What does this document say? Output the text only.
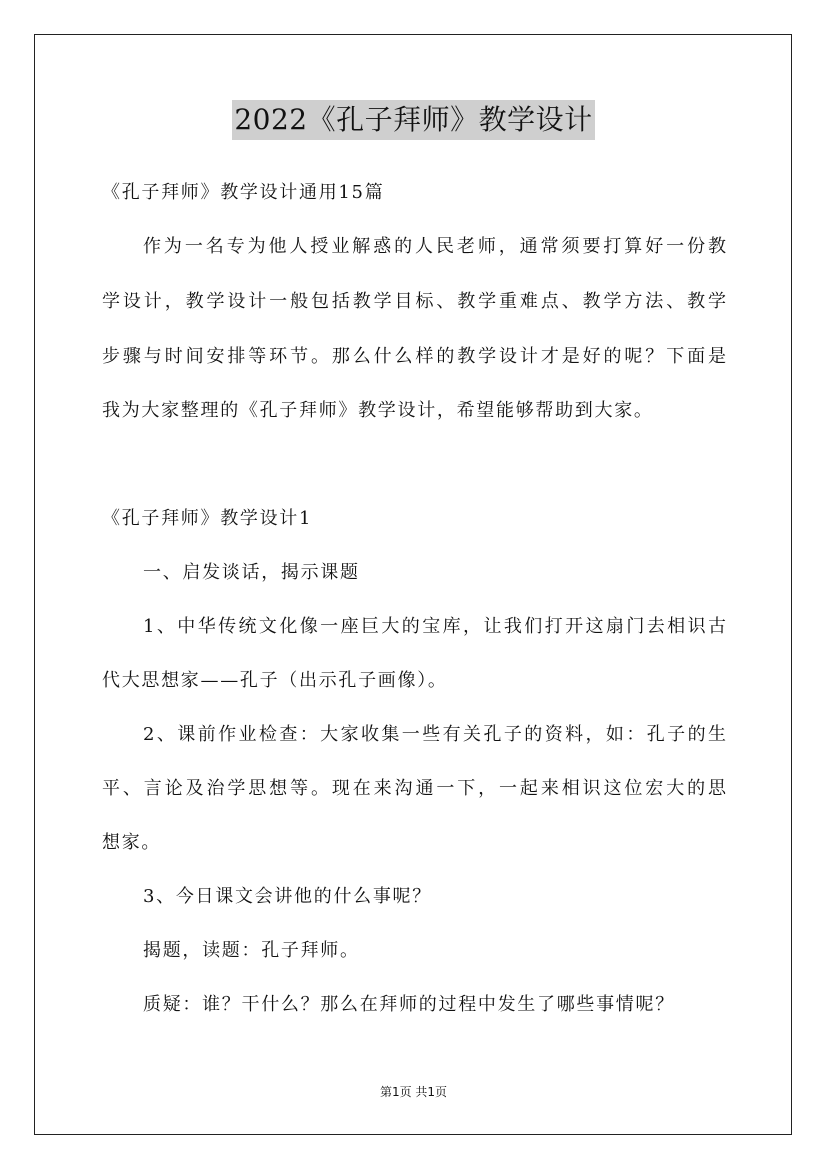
2022《孔子拜师》教学设计
《孔子拜师》教学设计通用15篇
作为一名专为他人授业解惑的人民老师，通常须要打算好一份教
学设计，教学设计一般包括教学目标、教学重难点、教学方法、教学
步骤与时间安排等环节。那么什么样的教学设计才是好的呢？下面是
我为大家整理的《孔子拜师》教学设计，希望能够帮助到大家。
《孔子拜师》教学设计1
一、启发谈话，揭示课题
1、中华传统文化像一座巨大的宝库，让我们打开这扇门去相识古
代大思想家——孔子（出示孔子画像）。
2、课前作业检查：大家收集一些有关孔子的资料，如：孔子的生
平、言论及治学思想等。现在来沟通一下，一起来相识这位宏大的思
想家。
3、今日课文会讲他的什么事呢？
揭题，读题：孔子拜师。
质疑：谁？干什么？那么在拜师的过程中发生了哪些事情呢？
第1页 共1页
